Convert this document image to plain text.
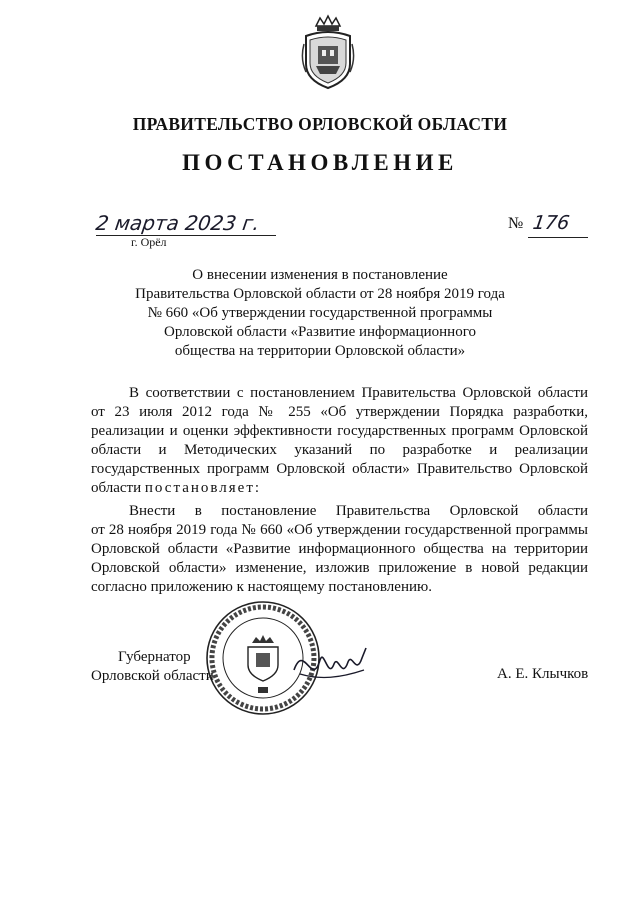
ПРАВИТЕЛЬСТВО ОРЛОВСКОЙ ОБЛАСТИ
ПОСТАНОВЛЕНИЕ
2 марта 2023 г.
г. Орёл
№ 176
О внесении изменения в постановление
Правительства Орловской области от 28 ноября 2019 года
№ 660 «Об утверждении государственной программы
Орловской области «Развитие информационного
общества на территории Орловской области»
В соответствии с постановлением Правительства Орловской области
от 23 июля 2012 года № 255 «Об утверждении Порядка разработки,
реализации и оценки эффективности государственных программ Орловской
области и Методических указаний по разработке и реализации
государственных программ Орловской области» Правительство Орловской
области постановляет:
Внести в постановление Правительства Орловской области
от 28 ноября 2019 года № 660 «Об утверждении государственной программы
Орловской области «Развитие информационного общества на территории
Орловской области» изменение, изложив приложение в новой редакции
согласно приложению к настоящему постановлению.
Губернатор
Орловской области	А. Е. Клычков
